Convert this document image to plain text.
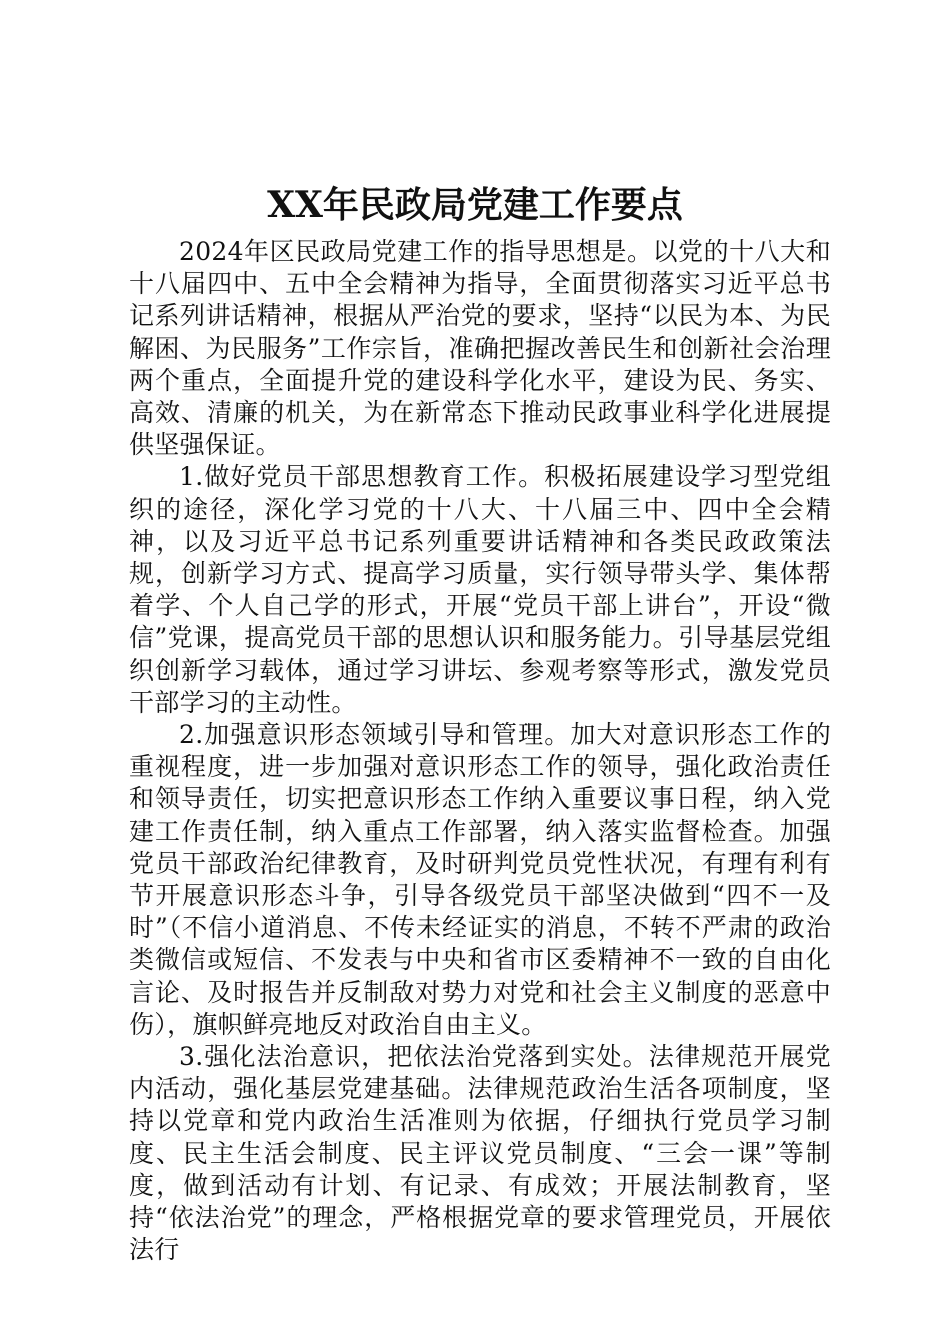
XX年民政局党建工作要点

2024年区民政局党建工作的指导思想是。以党的十八大和十八届四中、五中全会精神为指导，全面贯彻落实习近平总书记系列讲话精神，根据从严治党的要求，坚持“以民为本、为民解困、为民服务”工作宗旨，准确把握改善民生和创新社会治理两个重点，全面提升党的建设科学化水平，建设为民、务实、高效、清廉的机关，为在新常态下推动民政事业科学化进展提供坚强保证。

1.做好党员干部思想教育工作。积极拓展建设学习型党组织的途径，深化学习党的十八大、十八届三中、四中全会精神，以及习近平总书记系列重要讲话精神和各类民政政策法规，创新学习方式、提高学习质量，实行领导带头学、集体帮着学、个人自己学的形式，开展“党员干部上讲台”，开设“微信”党课，提高党员干部的思想认识和服务能力。引导基层党组织创新学习载体，通过学习讲坛、参观考察等形式，激发党员干部学习的主动性。

2.加强意识形态领域引导和管理。加大对意识形态工作的重视程度，进一步加强对意识形态工作的领导，强化政治责任和领导责任，切实把意识形态工作纳入重要议事日程，纳入党建工作责任制，纳入重点工作部署，纳入落实监督检查。加强党员干部政治纪律教育，及时研判党员党性状况，有理有利有节开展意识形态斗争，引导各级党员干部坚决做到“四不一及时”（不信小道消息、不传未经证实的消息，不转不严肃的政治类微信或短信、不发表与中央和省市区委精神不一致的自由化言论、及时报告并反制敌对势力对党和社会主义制度的恶意中伤），旗帜鲜亮地反对政治自由主义。

3.强化法治意识，把依法治党落到实处。法律规范开展党内活动，强化基层党建基础。法律规范政治生活各项制度，坚持以党章和党内政治生活准则为依据，仔细执行党员学习制度、民主生活会制度、民主评议党员制度、“三会一课”等制度，做到活动有计划、有记录、有成效；开展法制教育，坚持“依法治党”的理念，严格根据党章的要求管理党员，开展依法行
